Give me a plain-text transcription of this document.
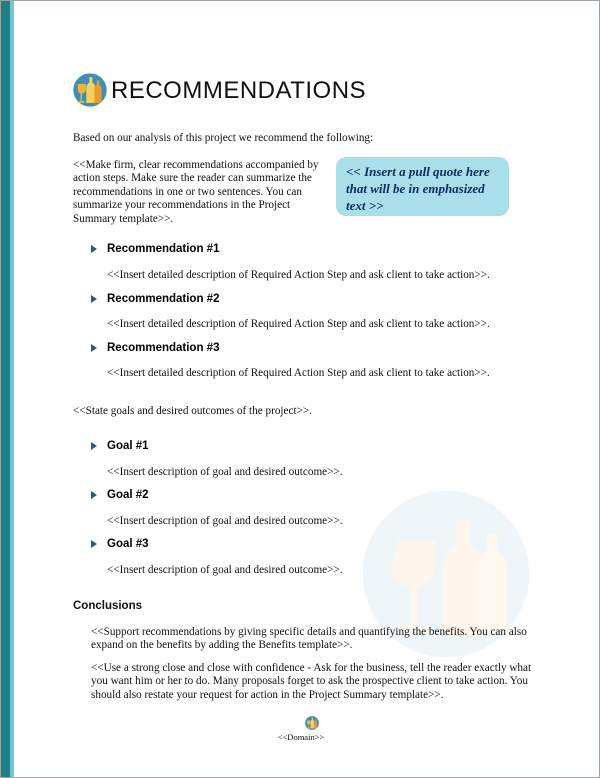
RECOMMENDATIONS

Based on our analysis of this project we recommend the following:

<<Make firm, clear recommendations accompanied by
action steps. Make sure the reader can summarize the
recommendations in one or two sentences. You can
summarize your recommendations in the Project
Summary template>>.
<< Insert a pull quote here that will be in emphasized text >>
Recommendation #1
<<Insert detailed description of Required Action Step and ask client to take action>>.
Recommendation #2
<<Insert detailed description of Required Action Step and ask client to take action>>.
Recommendation #3
<<Insert detailed description of Required Action Step and ask client to take action>>.

<<State goals and desired outcomes of the project>>.

Goal #1
<<Insert description of goal and desired outcome>>.
Goal #2
<<Insert description of goal and desired outcome>>.
Goal #3
<<Insert description of goal and desired outcome>>.
Conclusions
<<Support recommendations by giving specific details and quantifying the benefits. You can also
expand on the benefits by adding the Benefits template>>.
<<Use a strong close and close with confidence - Ask for the business, tell the reader exactly what
you want him or her to do. Many proposals forget to ask the prospective client to take action. You
should also restate your request for action in the Project Summary template>>.
<<Domain>>
